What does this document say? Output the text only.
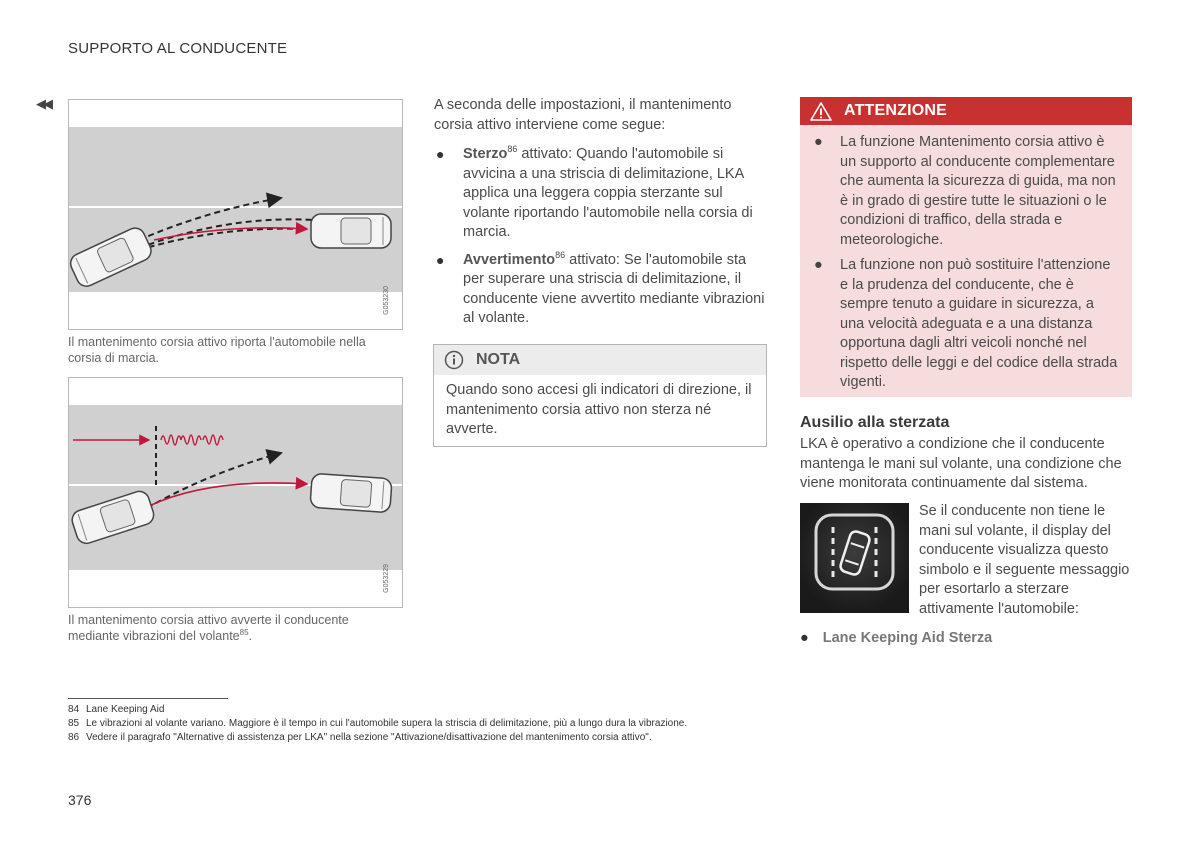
SUPPORTO AL CONDUCENTE
◀◀
G053230
Il mantenimento corsia attivo riporta l'automobile nella corsia di marcia.
G053229
Il mantenimento corsia attivo avverte il conducente mediante vibrazioni del volante$^{85}$.
A seconda delle impostazioni, il mantenimento corsia attivo interviene come segue:
● Sterzo$^{86}$ attivato: Quando l'automobile si avvicina a una striscia di delimitazione, LKA applica una leggera coppia sterzante sul volante riportando l'automobile nella corsia di marcia.
● Avvertimento$^{86}$ attivato: Se l'automobile sta per superare una striscia di delimitazione, il conducente viene avvertito mediante vibrazioni al volante.
NOTA
Quando sono accesi gli indicatori di direzione, il mantenimento corsia attivo non sterza né avverte.
ATTENZIONE
● La funzione Mantenimento corsia attivo è un supporto al conducente complementare che aumenta la sicurezza di guida, ma non è in grado di gestire tutte le situazioni o le condizioni di traffico, della strada e meteorologiche.
● La funzione non può sostituire l'attenzione e la prudenza del conducente, che è sempre tenuto a guidare in sicurezza, a una velocità adeguata e a una distanza opportuna dagli altri veicoli nonché nel rispetto delle leggi e del codice della strada vigenti.
Ausilio alla sterzata
LKA è operativo a condizione che il conducente mantenga le mani sul volante, una condizione che viene monitorata continuamente dal sistema.
Se il conducente non tiene le mani sul volante, il display del conducente visualizza questo simbolo e il seguente messaggio per esortarlo a sterzare attivamente l'automobile:
● Lane Keeping Aid Sterza
84 Lane Keeping Aid
85 Le vibrazioni al volante variano. Maggiore è il tempo in cui l'automobile supera la striscia di delimitazione, più a lungo dura la vibrazione.
86 Vedere il paragrafo "Alternative di assistenza per LKA" nella sezione "Attivazione/disattivazione del mantenimento corsia attivo".
376
